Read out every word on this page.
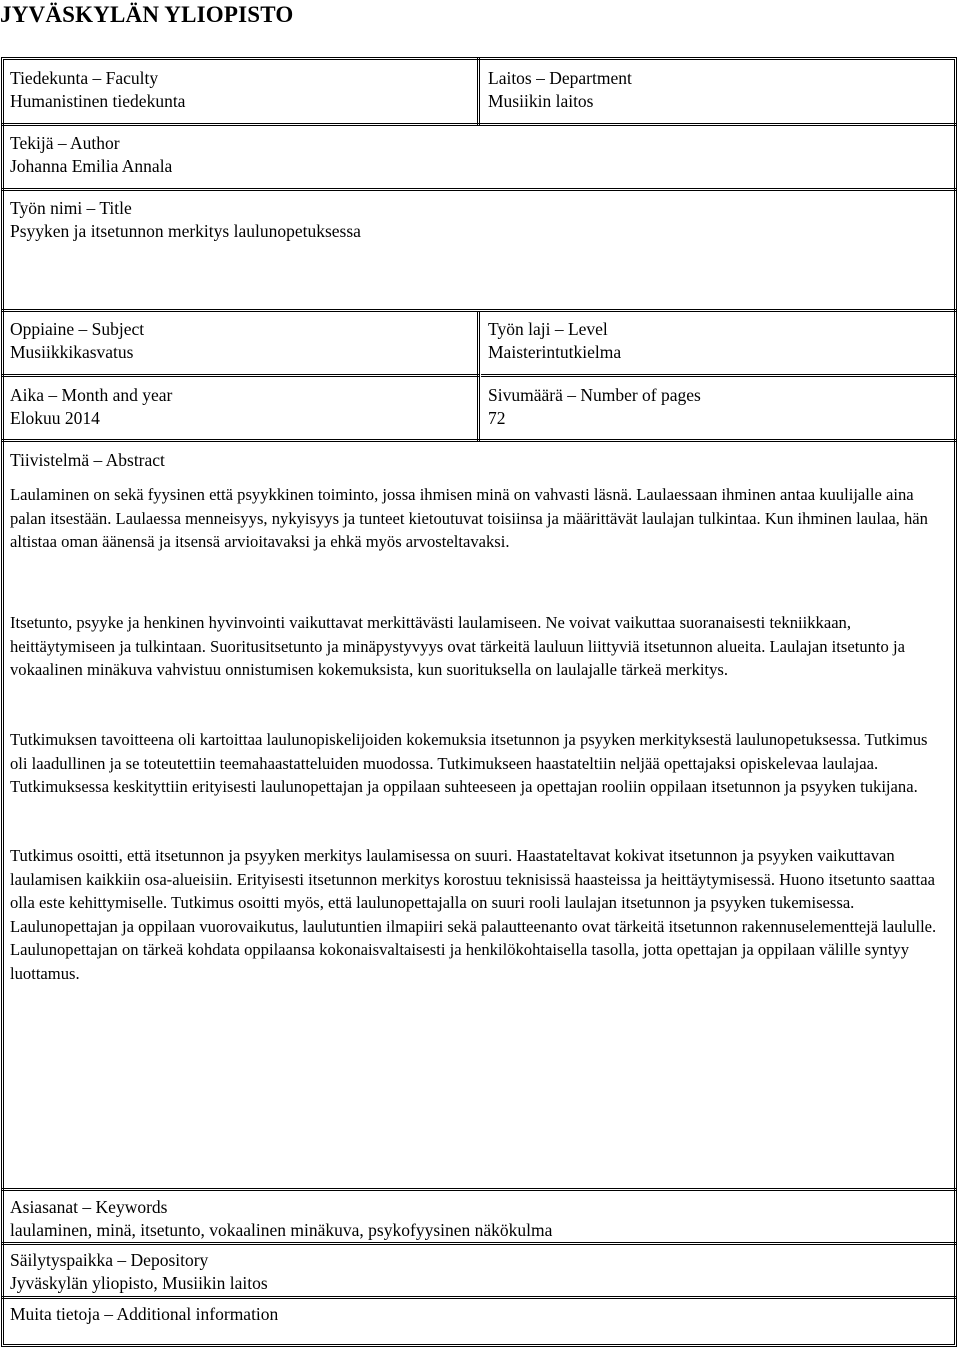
JYVÄSKYLÄN YLIOPISTO
Tiedekunta – Faculty
Humanistinen tiedekunta
Laitos – Department
Musiikin laitos
Tekijä – Author
Johanna Emilia Annala
Työn nimi – Title
Psyyken ja itsetunnon merkitys laulunopetuksessa
Oppiaine – Subject
Musiikkikasvatus
Työn laji – Level
Maisterintutkielma
Aika – Month and year
Elokuu 2014
Sivumäärä – Number of pages
72
Tiivistelmä – Abstract
Laulaminen on sekä fyysinen että psyykkinen toiminto, jossa ihmisen minä on vahvasti läsnä. Laulaessaan ihminen antaa kuulijalle aina palan itsestään. Laulaessa menneisyys, nykyisyys ja tunteet kietoutuvat toisiinsa ja määrittävät laulajan tulkintaa. Kun ihminen laulaa, hän altistaa oman äänensä ja itsensä arvioitavaksi ja ehkä myös arvosteltavaksi.
Itsetunto, psyyke ja henkinen hyvinvointi vaikuttavat merkittävästi laulamiseen. Ne voivat vaikuttaa suoranaisesti tekniikkaan, heittäytymiseen ja tulkintaan. Suoritusitsetunto ja minäpystyvyys ovat tärkeitä lauluun liittyviä itsetunnon alueita. Laulajan itsetunto ja vokaalinen minäkuva vahvistuu onnistumisen kokemuksista, kun suorituksella on laulajalle tärkeä merkitys.
Tutkimuksen tavoitteena oli kartoittaa laulunopiskelijoiden kokemuksia itsetunnon ja psyyken merkityksestä laulunopetuksessa. Tutkimus oli laadullinen ja se toteutettiin teemahaastatteluiden muodossa. Tutkimukseen haastateltiin neljää opettajaksi opiskelevaa laulajaa. Tutkimuksessa keskityttiin erityisesti laulunopettajan ja oppilaan suhteeseen ja opettajan rooliin oppilaan itsetunnon ja psyyken tukijana.
Tutkimus osoitti, että itsetunnon ja psyyken merkitys laulamisessa on suuri. Haastateltavat kokivat itsetunnon ja psyyken vaikuttavan laulamisen kaikkiin osa-alueisiin. Erityisesti itsetunnon merkitys korostuu teknisissä haasteissa ja heittäytymisessä. Huono itsetunto saattaa olla este kehittymiselle. Tutkimus osoitti myös, että laulunopettajalla on suuri rooli laulajan itsetunnon ja psyyken tukemisessa. Laulunopettajan ja oppilaan vuorovaikutus, laulutuntien ilmapiiri sekä palautteenanto ovat tärkeitä itsetunnon rakennuselementtejä laululle. Laulunopettajan on tärkeä kohdata oppilaansa kokonaisvaltaisesti ja henkilökohtaisella tasolla, jotta opettajan ja oppilaan välille syntyy luottamus.
Asiasanat – Keywords
laulaminen, minä, itsetunto, vokaalinen minäkuva, psykofyysinen näkökulma
Säilytyspaikka – Depository
Jyväskylän yliopisto, Musiikin laitos
Muita tietoja – Additional information
